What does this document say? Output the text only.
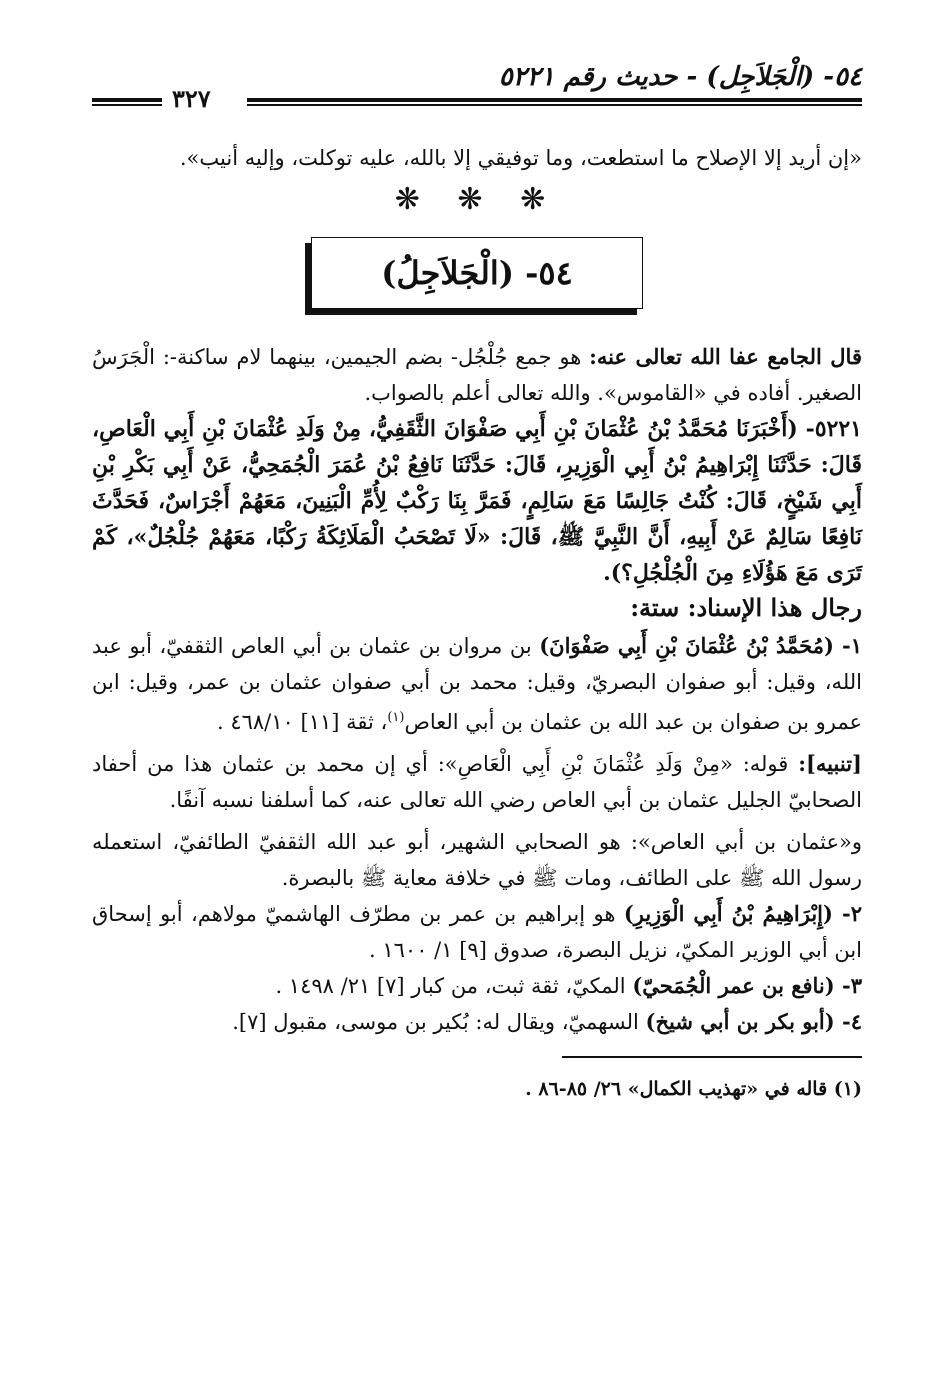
٥٤- (الْجَلاَجِل) - حديث رقم ٥٢٢١
٣٢٧

«إن أريد إلا الإصلاح ما استطعت، وما توفيقي إلا بالله، عليه توكلت، وإليه أنيب».

❋ ❋ ❋
٥٤- (الْجَلاَجِلُ)

قال الجامع عفا الله تعالى عنه: هو جمع جُلْجُل- بضم الجيمين، بينهما لام ساكنة-: الْجَرَسُ الصغير. أفاده في «القاموس». والله تعالى أعلم بالصواب.

٥٢٢١- (أَخْبَرَنَا مُحَمَّدُ بْنُ عُثْمَانَ بْنِ أَبِي صَفْوَانَ الثَّقَفِيُّ، مِنْ وَلَدِ عُثْمَانَ بْنِ أَبِي الْعَاصِ، قَالَ: حَدَّثَنَا إِبْرَاهِيمُ بْنُ أَبِي الْوَزِيرِ، قَالَ: حَدَّثَنَا نَافِعُ بْنُ عُمَرَ الْجُمَحِيُّ، عَنْ أَبِي بَكْرِ بْنِ أَبِي شَيْخٍ، قَالَ: كُنْتُ جَالِسًا مَعَ سَالِمٍ، فَمَرَّ بِنَا رَكْبٌ لِأُمِّ الْبَنِينَ، مَعَهُمْ أَجْرَاسٌ، فَحَدَّثَ نَافِعًا سَالِمٌ عَنْ أَبِيهِ، أَنَّ النَّبِيَّ ﷺ، قَالَ: «لَا تَصْحَبُ الْمَلَائِكَةُ رَكْبًا، مَعَهُمْ جُلْجُلٌ»، كَمْ تَرَى مَعَ هَؤُلَاءِ مِنَ الْجُلْجُلِ؟).

رجال هذا الإسناد: ستة:

١- (مُحَمَّدُ بْنُ عُثْمَانَ بْنِ أَبِي صَفْوَانَ) بن مروان بن عثمان بن أبي العاص الثقفيّ، أبو عبد الله، وقيل: أبو صفوان البصريّ، وقيل: محمد بن أبي صفوان عثمان بن عمر، وقيل: ابن عمرو بن صفوان بن عبد الله بن عثمان بن أبي العاص$^{(١)}$، ثقة [١١] ٤٦٨/١٠ .

[تنبيه]: قوله: «مِنْ وَلَدِ عُثْمَانَ بْنِ أَبِي الْعَاصِ»: أي إن محمد بن عثمان هذا من أحفاد الصحابيّ الجليل عثمان بن أبي العاص رضي الله تعالى عنه، كما أسلفنا نسبه آنفًا.

و«عثمان بن أبي العاص»: هو الصحابي الشهير، أبو عبد الله الثقفيّ الطائفيّ، استعمله رسول الله ﷺ على الطائف، ومات ﷺ في خلافة معاية ﷺ بالبصرة.

٢- (إِبْرَاهِيمُ بْنُ أَبِي الْوَزِيرِ) هو إبراهيم بن عمر بن مطرّف الهاشميّ مولاهم، أبو إسحاق ابن أبي الوزير المكيّ، نزيل البصرة، صدوق [٩] ١/ ١٦٠٠ .

٣- (نافع بن عمر الْجُمَحيّ) المكيّ، ثقة ثبت، من كبار [٧] ٢١/ ١٤٩٨ .

٤- (أبو بكر بن أبي شيخ) السهميّ، ويقال له: بُكير بن موسى، مقبول [٧].

(١) قاله في «تهذيب الكمال» ٢٦/ ٨٥-٨٦ .
